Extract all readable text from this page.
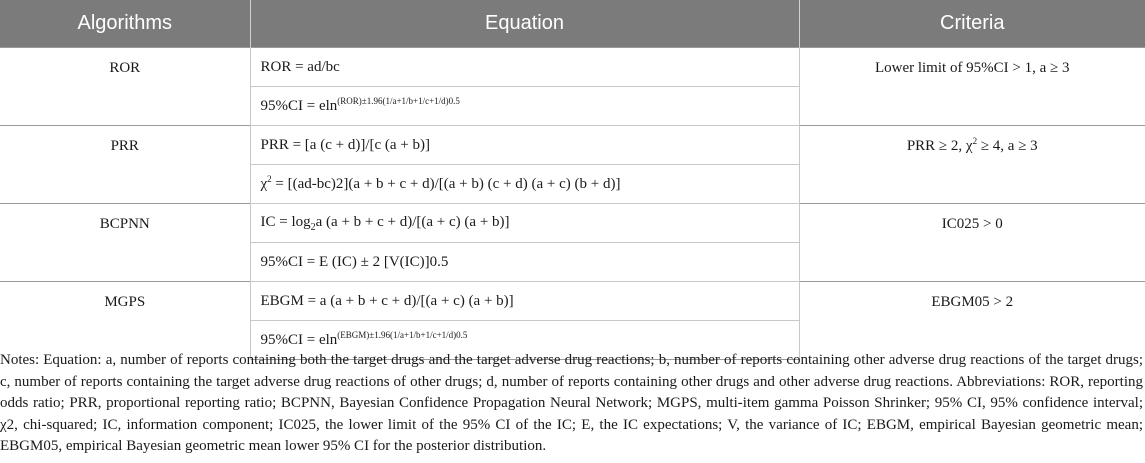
Algorithms	Equation	Criteria
ROR	ROR = ad/bc	Lower limit of 95%CI > 1, a ≥ 3
	95%CI = eln$^{(ROR)\pm 1.96(1/a+1/b+1/c+1/d)0.5}$
PRR	PRR = [a (c + d)]/[c (a + b)]	PRR ≥ 2, $\chi^2 \ge 4$, a ≥ 3
	$\chi^2 = [(ad-bc)2](a + b + c + d)/[(a + b) (c + d) (a + c) (b + d)]$	
BCPNN	IC = $\log_2a$ (a + b + c + d)/[(a + c) (a + b)]	IC025 > 0
	95%CI = E (IC) ± 2 [V(IC)]0.5	
MGPS	EBGM = a (a + b + c + d)/[(a + c) (a + b)]	EBGM05 > 2
	95%CI = eln$^{(EBGM)\pm 1.96(1/a+1/b+1/c+1/d)0.5}$

Notes: Equation: a, number of reports containing both the target drugs and the target adverse drug reactions; b, number of reports containing other adverse drug reactions of the target drugs; c, number of reports containing the target adverse drug reactions of other drugs; d, number of reports containing other drugs and other adverse drug reactions. Abbreviations: ROR, reporting odds ratio; PRR, proportional reporting ratio; BCPNN, Bayesian Confidence Propagation Neural Network; MGPS, multi-item gamma Poisson Shrinker; 95% CI, 95% confidence interval; χ2, chi-squared; IC, information component; IC025, the lower limit of the 95% CI of the IC; E, the IC expectations; V, the variance of IC; EBGM, empirical Bayesian geometric mean; EBGM05, empirical Bayesian geometric mean lower 95% CI for the posterior distribution.
